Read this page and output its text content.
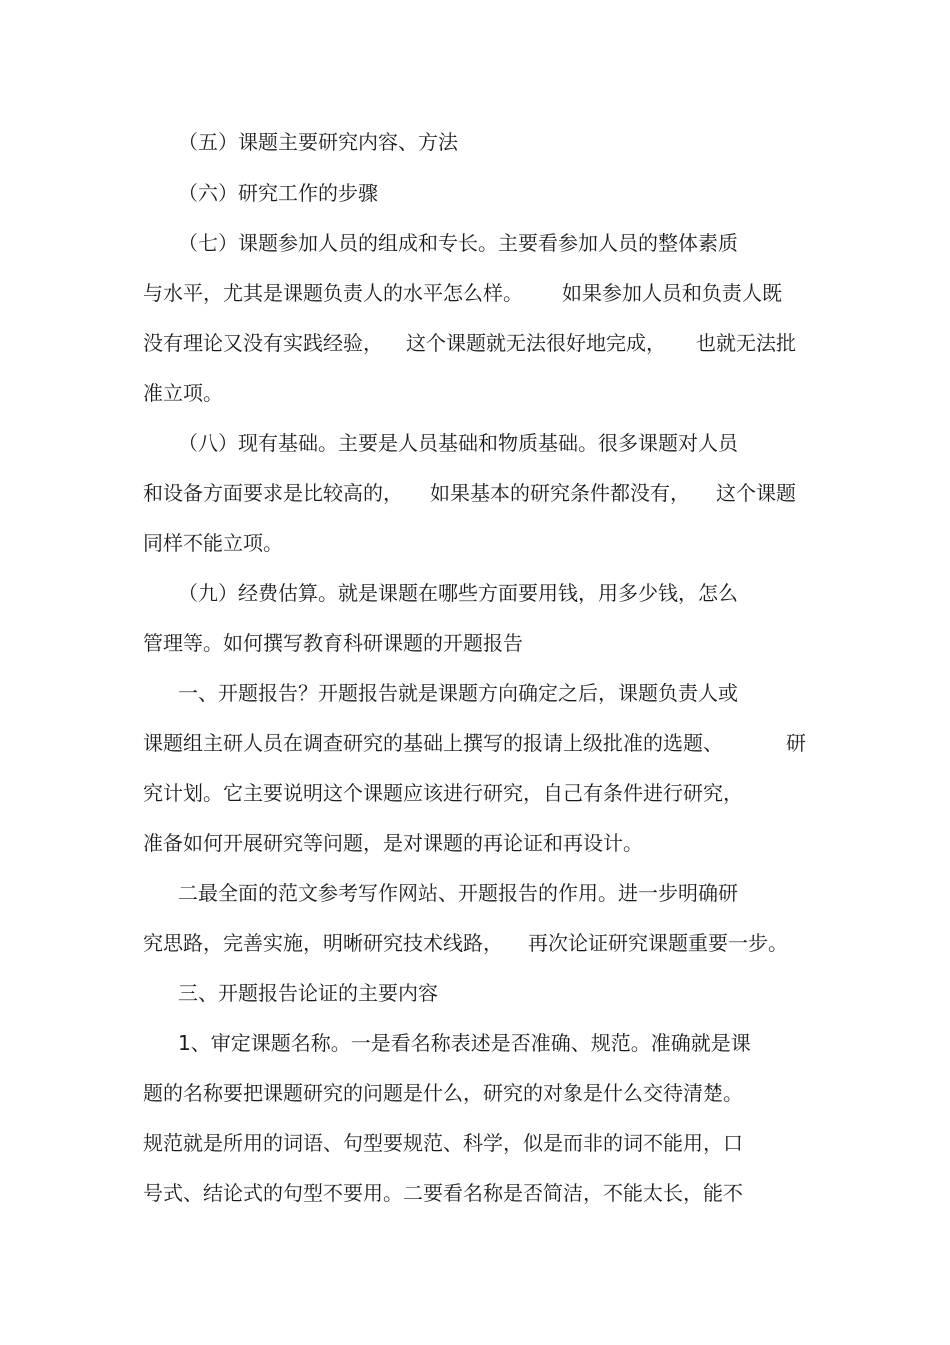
（五）课题主要研究内容、方法
（六）研究工作的步骤
（七）课题参加人员的组成和专长。主要看参加人员的整体素质
与水平，尤其是课题负责人的水平怎么样。 如果参加人员和负责人既
没有理论又没有实践经验， 这个课题就无法很好地完成， 也就无法批
准立项。
（八）现有基础。主要是人员基础和物质基础。很多课题对人员
和设备方面要求是比较高的， 如果基本的研究条件都没有， 这个课题
同样不能立项。
（九）经费估算。就是课题在哪些方面要用钱，用多少钱，怎么
管理等。如何撰写教育科研课题的开题报告
一、开题报告？开题报告就是课题方向确定之后，课题负责人或
课题组主研人员在调查研究的基础上撰写的报请上级批准的选题、	研
究计划。它主要说明这个课题应该进行研究，自己有条件进行研究，
准备如何开展研究等问题，是对课题的再论证和再设计。
二最全面的范文参考写作网站、开题报告的作用。进一步明确研
究思路，完善实施，明晰研究技术线路， 再次论证研究课题重要一步。
三、开题报告论证的主要内容
1、审定课题名称。一是看名称表述是否准确、规范。准确就是课
题的名称要把课题研究的问题是什么，研究的对象是什么交待清楚。
规范就是所用的词语、句型要规范、科学，似是而非的词不能用，口
号式、结论式的句型不要用。二要看名称是否简洁，不能太长，能不
